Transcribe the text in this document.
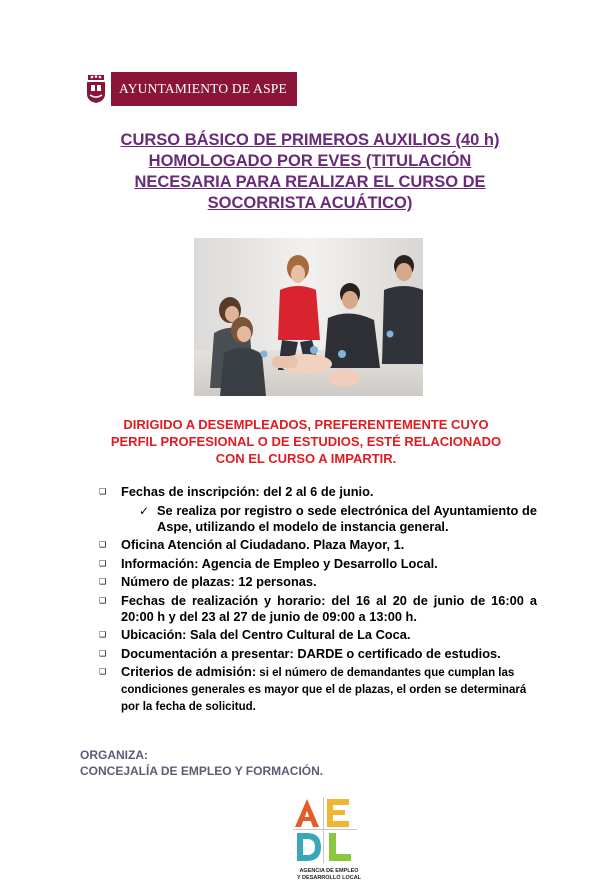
AYUNTAMIENTO DE ASPE
CURSO BÁSICO DE PRIMEROS AUXILIOS (40 h)
HOMOLOGADO POR EVES (TITULACIÓN
NECESARIA PARA REALIZAR EL CURSO DE
SOCORRISTA ACUÁTICO)
DIRIGIDO A DESEMPLEADOS, PREFERENTEMENTE CUYO
PERFIL PROFESIONAL O DE ESTUDIOS, ESTÉ RELACIONADO
CON EL CURSO A IMPARTIR.
❑	Fechas de inscripción: del 2 al 6 de junio.
✓ Se realiza por registro o sede electrónica del Ayuntamiento de Aspe, utilizando el modelo de instancia general.
❑	Oficina Atención al Ciudadano. Plaza Mayor, 1.
❑	Información: Agencia de Empleo y Desarrollo Local.
❑	Número de plazas: 12 personas.
❑	Fechas de realización y horario: del 16 al 20 de junio de 16:00 a 20:00 h y del 23 al 27 de junio de 09:00 a 13:00 h.
❑	Ubicación: Sala del Centro Cultural de La Coca.
❑	Documentación a presentar: DARDE o certificado de estudios.
❑	Criterios de admisión: si el número de demandantes que cumplan las condiciones generales es mayor que el de plazas, el orden se determinará por la fecha de solicitud.
ORGANIZA:
CONCEJALÍA DE EMPLEO Y FORMACIÓN.
AGENCIA DE EMPLEO
Y DESARROLLO LOCAL
